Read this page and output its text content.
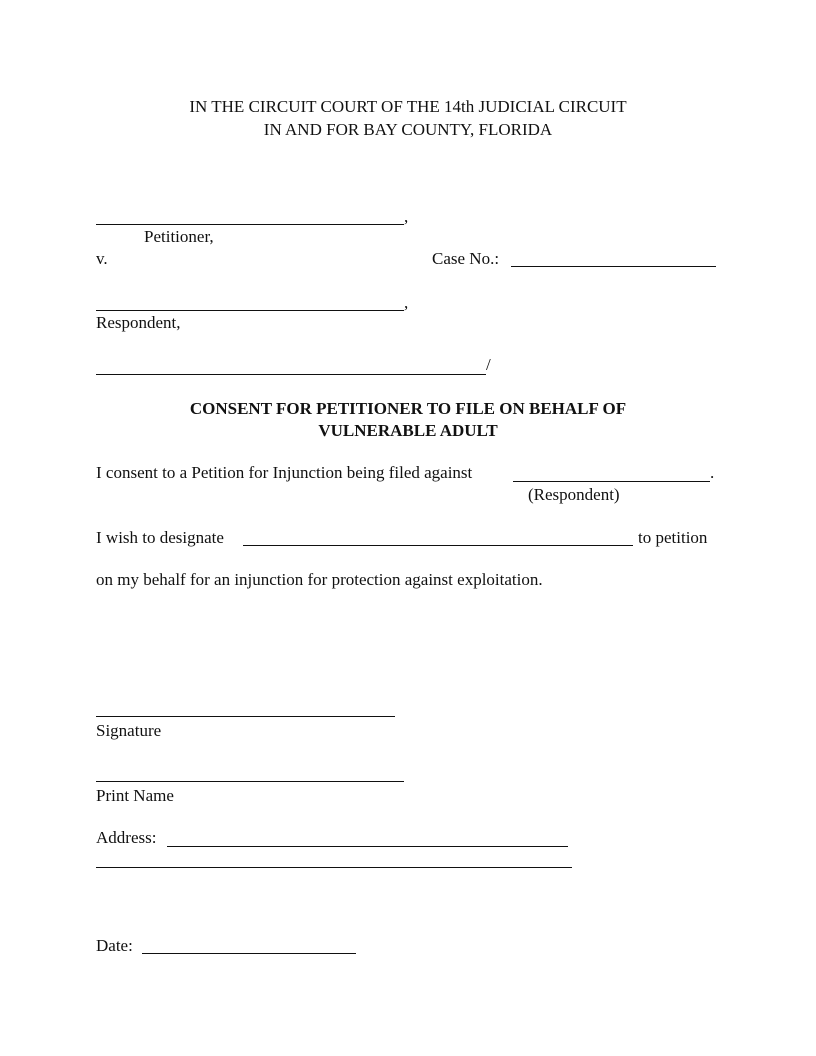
IN THE CIRCUIT COURT OF THE 14th JUDICIAL CIRCUIT
IN AND FOR BAY COUNTY, FLORIDA
,
Petitioner,
v.	Case No.:
,
Respondent,
/
CONSENT FOR PETITIONER TO FILE ON BEHALF OF
VULNERABLE ADULT
I consent to a Petition for Injunction being filed against	.
(Respondent)
I wish to designate	to petition
on my behalf for an injunction for protection against exploitation.
Signature
Print Name
Address:
Date:
